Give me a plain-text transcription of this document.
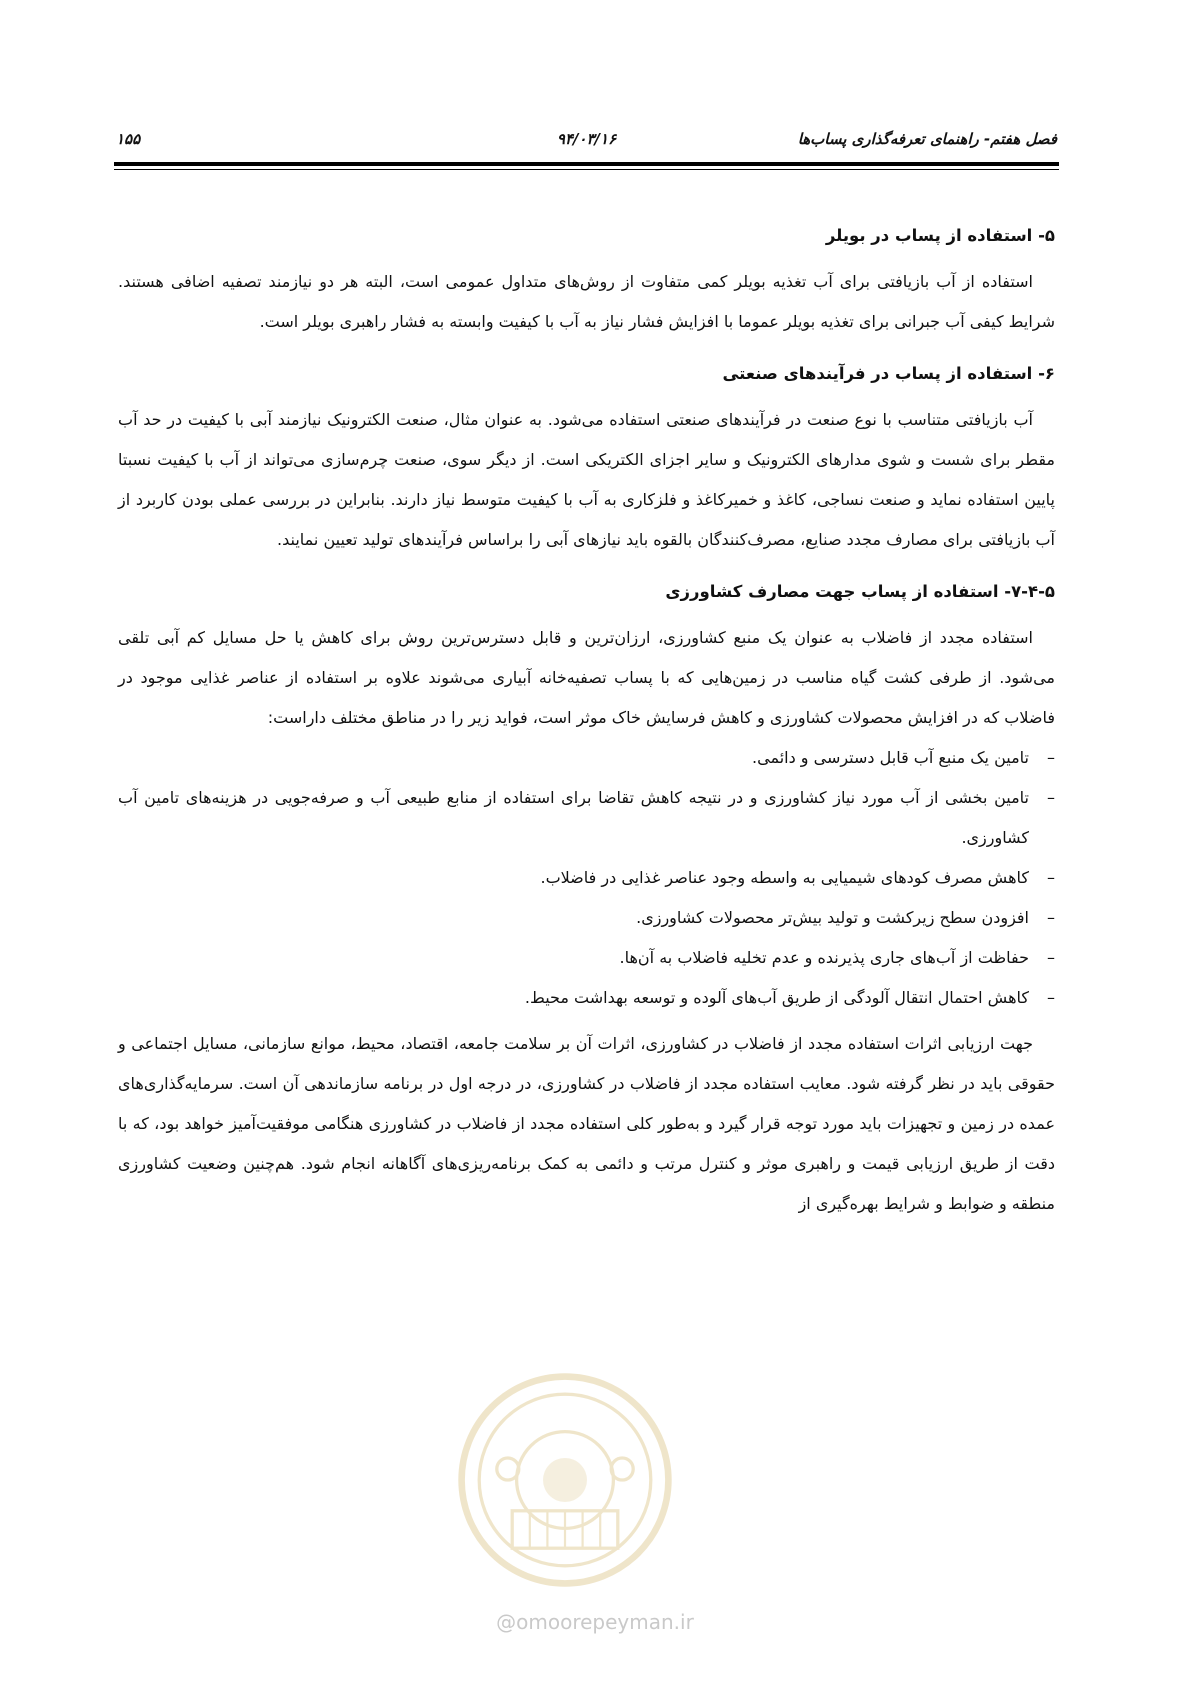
فصل هفتم- راهنمای تعرفه‌گذاری پساب‌ها
۹۴/۰۳/۱۶
۱۵۵
۵- استفاده از پساب در بویلر

استفاده از آب بازیافتی برای آب تغذیه بویلر کمی متفاوت از روش‌های متداول عمومی است، البته هر دو نیازمند تصفیه اضافی هستند. شرایط کیفی آب جبرانی برای تغذیه بویلر عموما با افزایش فشار نیاز به آب با کیفیت وابسته به فشار راهبری بویلر است.

۶- استفاده از پساب در فرآیندهای صنعتی

آب بازیافتی متناسب با نوع صنعت در فرآیندهای صنعتی استفاده می‌شود. به عنوان مثال، صنعت الکترونیک نیازمند آبی با کیفیت در حد آب مقطر برای شست و شوی مدارهای الکترونیک و سایر اجزای الکتریکی است. از دیگر سوی، صنعت چرم‌سازی می‌تواند از آب با کیفیت نسبتا پایین استفاده نماید و صنعت نساجی، کاغذ و خمیرکاغذ و فلزکاری به آب با کیفیت متوسط نیاز دارند. بنابراین در بررسی عملی بودن کاربرد از آب بازیافتی برای مصارف مجدد صنایع، مصرف‌کنندگان بالقوه باید نیازهای آبی را براساس فرآیندهای تولید تعیین نمایند.

۷-۴-۵- استفاده از پساب جهت مصارف کشاورزی

استفاده مجدد از فاضلاب به عنوان یک منبع کشاورزی، ارزان‌ترین و قابل دسترس‌ترین روش برای کاهش یا حل مسایل کم آبی تلقی می‌شود. از طرفی کشت گیاه مناسب در زمین‌هایی که با پساب تصفیه‌خانه آبیاری می‌شوند علاوه بر استفاده از عناصر غذایی موجود در فاضلاب که در افزایش محصولات کشاورزی و کاهش فرسایش خاک موثر است، فواید زیر را در مناطق مختلف داراست:

–
تامین یک منبع آب قابل دسترسی و دائمی.
–
تامین بخشی از آب مورد نیاز کشاورزی و در نتیجه کاهش تقاضا برای استفاده از منابع طبیعی آب و صرفه‌جویی در هزینه‌های تامین آب کشاورزی.
–
کاهش مصرف کودهای شیمیایی به واسطه وجود عناصر غذایی در فاضلاب.
–
افزودن سطح زیرکشت و تولید بیش‌تر محصولات کشاورزی.
–
حفاظت از آب‌های جاری پذیرنده و عدم تخلیه فاضلاب به آن‌ها.
–
کاهش احتمال انتقال آلودگی از طریق آب‌های آلوده و توسعه بهداشت محیط.

جهت ارزیابی اثرات استفاده مجدد از فاضلاب در کشاورزی، اثرات آن بر سلامت جامعه، اقتصاد، محیط، موانع سازمانی، مسایل اجتماعی و حقوقی باید در نظر گرفته شود. معایب استفاده مجدد از فاضلاب در کشاورزی، در درجه اول در برنامه سازماندهی آن است. سرمایه‌گذاری‌های عمده در زمین و تجهیزات باید مورد توجه قرار گیرد و به‌طور کلی استفاده مجدد از فاضلاب در کشاورزی هنگامی موفقیت‌آمیز خواهد بود، که با دقت از طریق ارزیابی قیمت و راهبری موثر و کنترل مرتب و دائمی به کمک برنامه‌ریزی‌های آگاهانه انجام شود. هم‌چنین وضعیت کشاورزی منطقه و ضوابط و شرایط بهره‌گیری از

@omoorepeyman.ir
